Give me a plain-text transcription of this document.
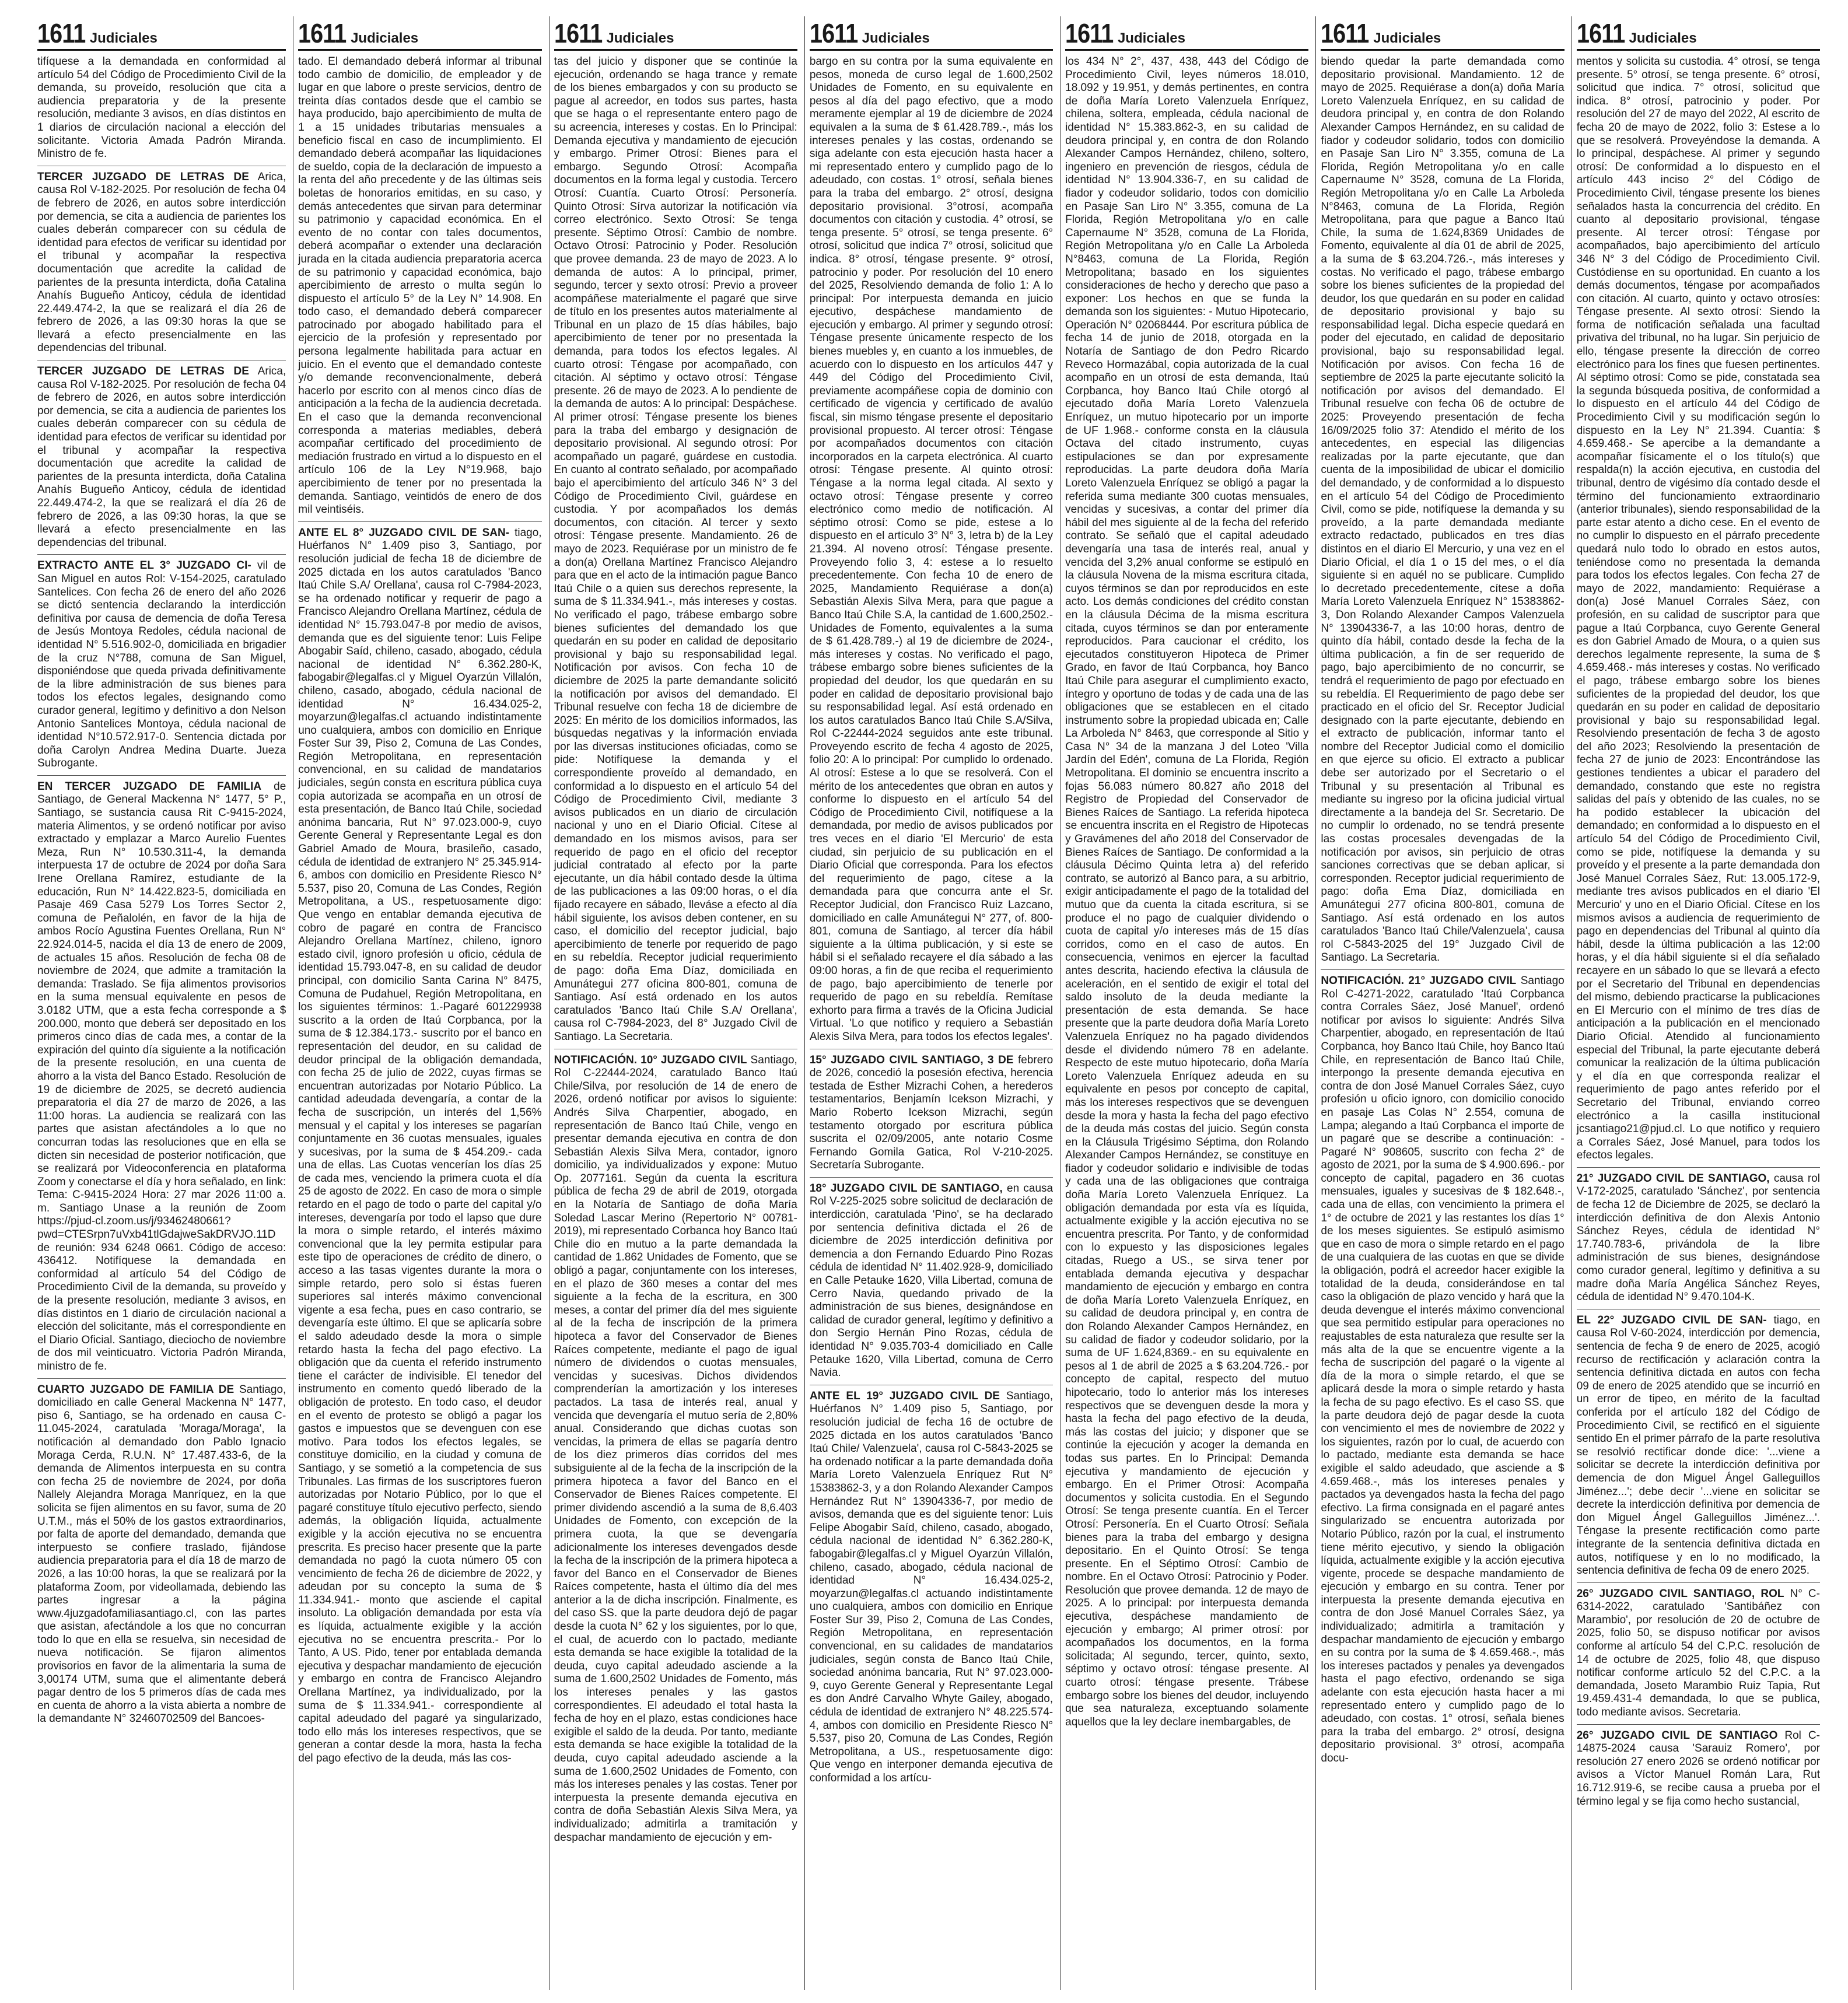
1611 Judiciales
tifíquese a la demandada en conformidad al artículo 54 del Código de Procedimiento Civil de la demanda, su proveído, resolución que cita a audiencia preparatoria y de la presente resolución, mediante 3 avisos, en días distintos en 1 diarios de circulación nacional a elección del solicitante. Victoria Amada Padrón Miranda. Ministro de fe.
TERCER JUZGADO DE LETRAS DE Arica, causa Rol V-182-2025. Por resolución de fecha 04 de febrero de 2026, en autos sobre interdicción por demencia, se cita a audiencia de parientes los cuales deberán comparecer con su cédula de identidad para efectos de verificar su identidad por el tribunal y acompañar la respectiva documentación que acredite la calidad de parientes de la presunta interdicta, doña Catalina Anahís Bugueño Anticoy, cédula de identidad 22.449.474-2, la que se realizará el día 26 de febrero de 2026, a las 09:30 horas la que se llevará a efecto presencialmente en las dependencias del tribunal.
TERCER JUZGADO DE LETRAS DE Arica, causa Rol V-182-2025. Por resolución de fecha 04 de febrero de 2026, en autos sobre interdicción por demencia, se cita a audiencia de parientes los cuales deberán comparecer con su cédula de identidad para efectos de verificar su identidad por el tribunal y acompañar la respectiva documentación que acredite la calidad de parientes de la presunta interdicta, doña Catalina Anahís Bugueño Anticoy, cédula de identidad 22.449.474-2, la que se realizará el día 26 de febrero de 2026, a las 09:30 horas, la que se llevará a efecto presencialmente en las dependencias del tribunal.
EXTRACTO ANTE EL 3° JUZGADO CI- vil de San Miguel en autos Rol: V-154-2025, caratulado Santelices. Con fecha 26 de enero del año 2026 se dictó sentencia declarando la interdicción definitiva por causa de demencia de doña Teresa de Jesús Montoya Redoles, cédula nacional de identidad N° 5.516.902-0, domiciliada en brigadier de la cruz N°788, comuna de San Miguel, disponiéndose que queda privada definitivamente de la libre administración de sus bienes para todos los efectos legales, designando como curador general, legítimo y definitivo a don Nelson Antonio Santelices Montoya, cédula nacional de identidad N°10.572.917-0. Sentencia dictada por doña Carolyn Andrea Medina Duarte. Jueza Subrogante.
EN TERCER JUZGADO DE FAMILIA de Santiago, de General Mackenna N° 1477, 5° P., Santiago, se sustancia causa Rit C-9415-2024, materia Alimentos, y se ordenó notificar por aviso extractado y emplazar a Marco Aurelio Fuentes Meza, Run N° 10.530.311-4, la demanda interpuesta 17 de octubre de 2024 por doña Sara Irene Orellana Ramírez, estudiante de la educación, Run N° 14.422.823-5, domiciliada en Pasaje 469 Casa 5279 Los Torres Sector 2, comuna de Peñalolén, en favor de la hija de ambos Rocío Agustina Fuentes Orellana, Run N° 22.924.014-5, nacida el día 13 de enero de 2009, de actuales 15 años. Resolución de fecha 08 de noviembre de 2024, que admite a tramitación la demanda: Traslado. Se fija alimentos provisorios en la suma mensual equivalente en pesos de 3.0182 UTM, que a esta fecha corresponde a $ 200.000, monto que deberá ser depositado en los primeros cinco días de cada mes, a contar de la expiración del quinto día siguiente a la notificación de la presente resolución, en una cuenta de ahorro a la vista del Banco Estado. Resolución de 19 de diciembre de 2025, se decretó audiencia preparatoria el día 27 de marzo de 2026, a las 11:00 horas. La audiencia se realizará con las partes que asistan afectándoles a lo que no concurran todas las resoluciones que en ella se dicten sin necesidad de posterior notificación, que se realizará por Videoconferencia en plataforma Zoom y conectarse el día y hora señalado, en link: Tema: C-9415-2024 Hora: 27 mar 2026 11:00 a. m. Santiago Unase a la reunión de Zoom https://pjud-cl.zoom.us/j/93462480661?pwd=CTESrpn7uVxb41tlGdajweSakDRVJO.11D de reunión: 934 6248 0661. Código de acceso: 436412. Notifíquese la demandada en conformidad al artículo 54 del Código de Procedimiento Civil de la demanda, su proveído y de la presente resolución, mediante 3 avisos, en días distintos en 1 diario de circulación nacional a elección del solicitante, más el correspondiente en el Diario Oficial. Santiago, dieciocho de noviembre de dos mil veinticuatro. Victoria Padrón Miranda, ministro de fe.
CUARTO JUZGADO DE FAMILIA DE Santiago, domiciliado en calle General Mackenna N° 1477, piso 6, Santiago, se ha ordenado en causa C-11.045-2024, caratulada 'Moraga/Moraga', la notificación al demandado don Pablo Ignacio Moraga Cerda, R.U.N. N° 17.487.433-6, de la demanda de Alimentos interpuesta en su contra con fecha 25 de noviembre de 2024, por doña Nallely Alejandra Moraga Manríquez, en la que solicita se fijen alimentos en su favor, suma de 20 U.T.M., más el 50% de los gastos extraordinarios, por falta de aporte del demandado, demanda que interpuesto se confiere traslado, fijándose audiencia preparatoria para el día 18 de marzo de 2026, a las 10:00 horas, la que se realizará por la plataforma Zoom, por videollamada, debiendo las partes ingresar a la página www.4juzgadofamiliasantiago.cl, con las partes que asistan, afectándole a los que no concurran todo lo que en ella se resuelva, sin necesidad de nueva notificación. Se fijaron alimentos provisorios en favor de la alimentaria la suma de 3,00174 UTM, suma que el alimentante deberá pagar dentro de los 5 primeros días de cada mes en cuenta de ahorro a la vista abierta a nombre de la demandante N° 32460702509 del Bancoes-
1611 Judiciales
tado. El demandado deberá informar al tribunal todo cambio de domicilio, de empleador y de lugar en que labore o preste servicios, dentro de treinta días contados desde que el cambio se haya producido, bajo apercibimiento de multa de 1 a 15 unidades tributarias mensuales a beneficio fiscal en caso de incumplimiento. El demandado deberá acompañar las liquidaciones de sueldo, copia de la declaración de impuesto a la renta del año precedente y de las últimas seis boletas de honorarios emitidas, en su caso, y demás antecedentes que sirvan para determinar su patrimonio y capacidad económica. En el evento de no contar con tales documentos, deberá acompañar o extender una declaración jurada en la citada audiencia preparatoria acerca de su patrimonio y capacidad económica, bajo apercibimiento de arresto o multa según lo dispuesto el artículo 5° de la Ley N° 14.908. En todo caso, el demandado deberá comparecer patrocinado por abogado habilitado para el ejercicio de la profesión y representado por persona legalmente habilitada para actuar en juicio. En el evento que el demandado conteste y/o demande reconvencionalmente, deberá hacerlo por escrito con al menos cinco días de anticipación a la fecha de la audiencia decretada. En el caso que la demanda reconvencional corresponda a materias mediables, deberá acompañar certificado del procedimiento de mediación frustrado en virtud a lo dispuesto en el artículo 106 de la Ley N°19.968, bajo apercibimiento de tener por no presentada la demanda. Santiago, veintidós de enero de dos mil veintiséis.
ANTE EL 8° JUZGADO CIVIL DE SAN- tiago, Huérfanos N° 1.409 piso 3, Santiago, por resolución judicial de fecha 18 de diciembre de 2025 dictada en los autos caratulados 'Banco Itaú Chile S.A/ Orellana', causa rol C-7984-2023, se ha ordenado notificar y requerir de pago a Francisco Alejandro Orellana Martínez, cédula de identidad N° 15.793.047-8 por medio de avisos, demanda que es del siguiente tenor: Luis Felipe Abogabir Saíd, chileno, casado, abogado, cédula nacional de identidad N° 6.362.280-K, fabogabir@legalfas.cl y Miguel Oyarzún Villalón, chileno, casado, abogado, cédula nacional de identidad N° 16.434.025-2, moyarzun@legalfas.cl actuando indistintamente uno cualquiera, ambos con domicilio en Enrique Foster Sur 39, Piso 2, Comuna de Las Condes, Región Metropolitana, en representación convencional, en su calidad de mandatarios judiciales, según consta en escritura pública cuya copia autorizada se acompaña en un otrosí de esta presentación, de Banco Itaú Chile, sociedad anónima bancaria, Rut N° 97.023.000-9, cuyo Gerente General y Representante Legal es don Gabriel Amado de Moura, brasileño, casado, cédula de identidad de extranjero N° 25.345.914-6, ambos con domicilio en Presidente Riesco N° 5.537, piso 20, Comuna de Las Condes, Región Metropolitana, a US., respetuosamente digo: Que vengo en entablar demanda ejecutiva de cobro de pagaré en contra de Francisco Alejandro Orellana Martínez, chileno, ignoro estado civil, ignoro profesión u oficio, cédula de identidad 15.793.047-8, en su calidad de deudor principal, con domicilio Santa Carina N° 8475, Comuna de Pudahuel, Región Metropolitana, en los siguientes términos: 1.-Pagaré 601229938 suscrito a la orden de Itaú Corpbanca, por la suma de $ 12.384.173.- suscrito por el banco en representación del deudor, en su calidad de deudor principal de la obligación demandada, con fecha 25 de julio de 2022, cuyas firmas se encuentran autorizadas por Notario Público. La cantidad adeudada devengaría, a contar de la fecha de suscripción, un interés del 1,56% mensual y el capital y los intereses se pagarían conjuntamente en 36 cuotas mensuales, iguales y sucesivas, por la suma de $ 454.209.- cada una de ellas. Las Cuotas vencerían los días 25 de cada mes, venciendo la primera cuota el día 25 de agosto de 2022. En caso de mora o simple retardo en el pago de todo o parte del capital y/o intereses, devengaría por todo el lapso que dure la mora o simple retardo, el interés máximo convencional que la ley permita estipular para este tipo de operaciones de crédito de dinero, o acceso a las tasas vigentes durante la mora o simple retardo, pero solo si éstas fueren superiores sal interés máximo convencional vigente a esa fecha, pues en caso contrario, se devengaría este último. El que se aplicaría sobre el saldo adeudado desde la mora o simple retardo hasta la fecha del pago efectivo. La obligación que da cuenta el referido instrumento tiene el carácter de indivisible. El tenedor del instrumento en comento quedó liberado de la obligación de protesto. En todo caso, el deudor en el evento de protesto se obligó a pagar los gastos e impuestos que se devenguen con ese motivo. Para todos los efectos legales, se constituye domicilio, en la ciudad y comuna de Santiago, y se sometió a la competencia de sus Tribunales. Las firmas de los suscriptores fueron autorizadas por Notario Público, por lo que el pagaré constituye título ejecutivo perfecto, siendo además, la obligación líquida, actualmente exigible y la acción ejecutiva no se encuentra prescrita. Es preciso hacer presente que la parte demandada no pagó la cuota número 05 con vencimiento de fecha 26 de diciembre de 2022, y adeudan por su concepto la suma de $ 11.334.941.- monto que asciende el capital insoluto. La obligación demandada por esta vía es líquida, actualmente exigible y la acción ejecutiva no se encuentra prescrita.- Por lo Tanto, A US. Pido, tener por entablada demanda ejecutiva y despachar mandamiento de ejecución y embargo en contra de Francisco Alejandro Orellana Martínez, ya individualizado, por la suma de $ 11.334.941.- correspondiente al capital adeudado del pagaré ya singularizado, todo ello más los intereses respectivos, que se generan a contar desde la mora, hasta la fecha del pago efectivo de la deuda, más las cos-
1611 Judiciales
tas del juicio y disponer que se continúe la ejecución, ordenando se haga trance y remate de los bienes embargados y con su producto se pague al acreedor, en todos sus partes, hasta que se haga o el representante entero pago de su acreencia, intereses y costas. En lo Principal: Demanda ejecutiva y mandamiento de ejecución y embargo. Primer Otrosí: Bienes para el embargo. Segundo Otrosí: Acompaña documentos en la forma legal y custodia. Tercero Otrosí: Cuantía. Cuarto Otrosí: Personería. Quinto Otrosí: Sírva autorizar la notificación vía correo electrónico. Sexto Otrosí: Se tenga presente. Séptimo Otrosí: Cambio de nombre. Octavo Otrosí: Patrocinio y Poder. Resolución que provee demanda. 23 de mayo de 2023. A lo demanda de autos: A lo principal, primer, segundo, tercer y sexto otrosí: Previo a proveer acompáñese materialmente el pagaré que sirve de título en los presentes autos materialmente al Tribunal en un plazo de 15 días hábiles, bajo apercibimiento de tener por no presentada la demanda, para todos los efectos legales. Al cuarto otrosí: Téngase por acompañado, con citación. Al séptimo y octavo otrosí: Téngase presente. 26 de mayo de 2023. A lo pendiente de la demanda de autos: A lo principal: Despáchese. Al primer otrosí: Téngase presente los bienes para la traba del embargo y designación de depositario provisional. Al segundo otrosí: Por acompañado un pagaré, guárdese en custodia. En cuanto al contrato señalado, por acompañado bajo el apercibimiento del artículo 346 N° 3 del Código de Procedimiento Civil, guárdese en custodia. Y por acompañados los demás documentos, con citación. Al tercer y sexto otrosí: Téngase presente. Mandamiento. 26 de mayo de 2023. Requiérase por un ministro de fe a don(a) Orellana Martínez Francisco Alejandro para que en el acto de la intimación pague Banco Itaú Chile o a quien sus derechos represente, la suma de $ 11.334.941.-, más intereses y costas. No verificado el pago, trábese embargo sobre bienes suficientes del demandado los que quedarán en su poder en calidad de depositario provisional y bajo su responsabilidad legal. Notificación por avisos. Con fecha 10 de diciembre de 2025 la parte demandante solicitó la notificación por avisos del demandado. El Tribunal resuelve con fecha 18 de diciembre de 2025: En mérito de los domicilios informados, las búsquedas negativas y la información enviada por las diversas instituciones oficiadas, como se pide: Notifíquese la demanda y el correspondiente proveído al demandado, en conformidad a lo dispuesto en el artículo 54 del Código de Procedimiento Civil, mediante 3 avisos publicados en un diario de circulación nacional y uno en el Diario Oficial. Cítese al demandado en los mismos avisos, para ser requerido de pago en el oficio del receptor judicial contratado al efecto por la parte ejecutante, un día hábil contado desde la última de las publicaciones a las 09:00 horas, o el día fijado recayere en sábado, lleváse a efecto al día hábil siguiente, los avisos deben contener, en su caso, el domicilio del receptor judicial, bajo apercibimiento de tenerle por requerido de pago en su rebeldía. Receptor judicial requerimiento de pago: doña Ema Díaz, domiciliada en Amunátegui 277 oficina 800-801, comuna de Santiago. Así está ordenado en los autos caratulados 'Banco Itaú Chile S.A/ Orellana', causa rol C-7984-2023, del 8° Juzgado Civil de Santiago. La Secretaria.
NOTIFICACIÓN. 10° JUZGADO CIVIL Santiago, Rol C-22444-2024, caratulado Banco Itaú Chile/Silva, por resolución de 14 de enero de 2026, ordenó notificar por avisos lo siguiente: Andrés Silva Charpentier, abogado, en representación de Banco Itaú Chile, vengo en presentar demanda ejecutiva en contra de don Sebastián Alexis Silva Mera, contador, ignoro domicilio, ya individualizados y expone: Mutuo Op. 2077161. Según da cuenta la escritura pública de fecha 29 de abril de 2019, otorgada en la Notaría de Santiago de doña María Soledad Lascar Merino (Repertorio N° 00781-2019), mi representado Corbanca hoy Banco Itaú Chile dio en mutuo a la parte demandada la cantidad de 1.862 Unidades de Fomento, que se obligó a pagar, conjuntamente con los intereses, en el plazo de 360 meses a contar del mes siguiente a la fecha de la escritura, en 300 meses, a contar del primer día del mes siguiente al de la fecha de inscripción de la primera hipoteca a favor del Conservador de Bienes Raíces competente, mediante el pago de igual número de dividendos o cuotas mensuales, vencidas y sucesivas. Dichos dividendos comprenderían la amortización y los intereses pactados. La tasa de interés real, anual y vencida que devengaría el mutuo sería de 2,80% anual. Considerando que dichas cuotas son vencidas, la primera de ellas se pagaría dentro de los diez primeros días corridos del mes subsiguiente al de la fecha de la inscripción de la primera hipoteca a favor del Banco en el Conservador de Bienes Raíces competente. El primer dividendo ascendió a la suma de 8,6.403 Unidades de Fomento, con excepción de la primera cuota, la que se devengaría adicionalmente los intereses devengados desde la fecha de la inscripción de la primera hipoteca a favor del Banco en el Conservador de Bienes Raíces competente, hasta el último día del mes anterior a la de dicha inscripción. Finalmente, es del caso SS. que la parte deudora dejó de pagar desde la cuota N° 62 y los siguientes, por lo que, el cual, de acuerdo con lo pactado, mediante esta demanda se hace exigible la totalidad de la deuda, cuyo capital adeudado asciende a la suma de 1.600,2502 Unidades de Fomento, más los intereses penales y las gastos correspondientes. El adeudado el total hasta la fecha de hoy en el plazo, estas condiciones hace exigible el saldo de la deuda. Por tanto, mediante esta demanda se hace exigible la totalidad de la deuda, cuyo capital adeudado asciende a la suma de 1.600,2502 Unidades de Fomento, con más los intereses penales y las costas. Tener por interpuesta la presente demanda ejecutiva en contra de doña Sebastián Alexis Silva Mera, ya individualizado; admitirla a tramitación y despachar mandamiento de ejecución y em-
1611 Judiciales
bargo en su contra por la suma equivalente en pesos, moneda de curso legal de 1.600,2502 Unidades de Fomento, en su equivalente en pesos al día del pago efectivo, que a modo meramente ejemplar al 19 de diciembre de 2024 equivalen a la suma de $ 61.428.789.-, más los intereses penales y las costas, ordenando se siga adelante con esta ejecución hasta hacer a mi representado entero y cumplido pago de lo adeudado, con costas. 1° otrosí, señala bienes para la traba del embargo. 2° otrosí, designa depositario provisional. 3°otrosí, acompaña documentos con citación y custodia. 4° otrosí, se tenga presente. 5° otrosí, se tenga presente. 6° otrosí, solicitud que indica 7° otrosí, solicitud que indica. 8° otrosí, téngase presente. 9° otrosí, patrocinio y poder. Por resolución del 10 enero del 2025, Resolviendo demanda de folio 1: A lo principal: Por interpuesta demanda en juicio ejecutivo, despáchese mandamiento de ejecución y embargo. Al primer y segundo otrosí: Téngase presente únicamente respecto de los bienes muebles y, en cuanto a los inmuebles, de acuerdo con lo dispuesto en los artículos 447 y 449 del Código del Procedimiento Civil, previamente acompáñese copia de dominio con certificado de vigencia y certificado de avalúo fiscal, sin mismo téngase presente el depositario provisional propuesto. Al tercer otrosí: Téngase por acompañados documentos con citación incorporados en la carpeta electrónica. Al cuarto otrosí: Téngase presente. Al quinto otrosí: Téngase a la norma legal citada. Al sexto y octavo otrosí: Téngase presente y correo electrónico como medio de notificación. Al séptimo otrosí: Como se pide, estese a lo dispuesto en el artículo 3° N° 3, letra b) de la Ley 21.394. Al noveno otrosí: Téngase presente. Proveyendo folio 3, 4: estese a lo resuelto precedentemente. Con fecha 10 de enero de 2025, Mandamiento Requiérase a don(a) Sebastián Alexis Silva Mera, para que pague a Banco Itaú Chile S.A, la cantidad de 1.600,2502.- Unidades de Fomento, equivalentes a la suma de $ 61.428.789.-) al 19 de diciembre de 2024-, más intereses y costas. No verificado el pago, trábese embargo sobre bienes suficientes de la propiedad del deudor, los que quedarán en su poder en calidad de depositario provisional bajo su responsabilidad legal. Así está ordenado en los autos caratulados Banco Itaú Chile S.A/Silva, Rol C-22444-2024 seguidos ante este tribunal. Proveyendo escrito de fecha 4 agosto de 2025, folio 20: A lo principal: Por cumplido lo ordenado. Al otrosí: Estese a lo que se resolverá. Con el mérito de los antecedentes que obran en autos y conforme lo dispuesto en el artículo 54 del Código de Procedimiento Civil, notifíquese a la demandada, por medio de avisos publicados por tres veces en el diario 'El Mercurio' de esta ciudad, sin perjuicio de su publicación en el Diario Oficial que corresponda. Para los efectos del requerimiento de pago, cítese a la demandada para que concurra ante el Sr. Receptor Judicial, don Francisco Ruiz Lazcano, domiciliado en calle Amunátegui N° 277, of. 800-801, comuna de Santiago, al tercer día hábil siguiente a la última publicación, y si este se hábil si el señalado recayere el día sábado a las 09:00 horas, a fin de que reciba el requerimiento de pago, bajo apercibimiento de tenerle por requerido de pago en su rebeldía. Remítase exhorto para firma a través de la Oficina Judicial Virtual. 'Lo que notifico y requiero a Sebastián Alexis Silva Mera, para todos los efectos legales'.
15° JUZGADO CIVIL SANTIAGO, 3 DE febrero de 2026, concedió la posesión efectiva, herencia testada de Esther Mizrachi Cohen, a herederos testamentarios, Benjamín Icekson Mizrachi, y Mario Roberto Icekson Mizrachi, según testamento otorgado por escritura pública suscrita el 02/09/2005, ante notario Cosme Fernando Gomila Gatica, Rol V-210-2025. Secretaría Subrogante.
18° JUZGADO CIVIL DE SANTIAGO, en causa Rol V-225-2025 sobre solicitud de declaración de interdicción, caratulada 'Pino', se ha declarado por sentencia definitiva dictada el 26 de diciembre de 2025 interdicción definitiva por demencia a don Fernando Eduardo Pino Rozas cédula de identidad N° 11.402.928-9, domiciliado en Calle Petauke 1620, Villa Libertad, comuna de Cerro Navia, quedando privado de la administración de sus bienes, designándose en calidad de curador general, legítimo y definitivo a don Sergio Hernán Pino Rozas, cédula de identidad N° 9.035.703-4 domiciliado en Calle Petauke 1620, Villa Libertad, comuna de Cerro Navia.
ANTE EL 19° JUZGADO CIVIL DE Santiago, Huérfanos N° 1.409 piso 5, Santiago, por resolución judicial de fecha 16 de octubre de 2025 dictada en los autos caratulados 'Banco Itaú Chile/ Valenzuela', causa rol C-5843-2025 se ha ordenado notificar a la parte demandada doña María Loreto Valenzuela Enríquez Rut N° 15383862-3, y a don Rolando Alexander Campos Hernández Rut N° 13904336-7, por medio de avisos, demanda que es del siguiente tenor: Luis Felipe Abogabir Saíd, chileno, casado, abogado, cédula nacional de identidad N° 6.362.280-K, fabogabir@legalfas.cl y Miguel Oyarzún Villalón, chileno, casado, abogado, cédula nacional de identidad N° 16.434.025-2, moyarzun@legalfas.cl actuando indistintamente uno cualquiera, ambos con domicilio en Enrique Foster Sur 39, Piso 2, Comuna de Las Condes, Región Metropolitana, en representación convencional, en su calidades de mandatarios judiciales, según consta de Banco Itaú Chile, sociedad anónima bancaria, Rut N° 97.023.000-9, cuyo Gerente General y Representante Legal es don André Carvalho Whyte Gailey, abogado, cédula de identidad de extranjero N° 48.225.574-4, ambos con domicilio en Presidente Riesco N° 5.537, piso 20, Comuna de Las Condes, Región Metropolitana, a US., respetuosamente digo: Que vengo en interponer demanda ejecutiva de conformidad a los artícu-
1611 Judiciales
los 434 N° 2°, 437, 438, 443 del Código de Procedimiento Civil, leyes números 18.010, 18.092 y 19.951, y demás pertinentes, en contra de doña María Loreto Valenzuela Enríquez, chilena, soltera, empleada, cédula nacional de identidad N° 15.383.862-3, en su calidad de deudora principal y, en contra de don Rolando Alexander Campos Hernández, chileno, soltero, ingeniero en prevención de riesgos, cédula de identidad N° 13.904.336-7, en su calidad de fiador y codeudor solidario, todos con domicilio en Pasaje San Liro N° 3.355, comuna de La Florida, Región Metropolitana y/o en calle Capernaume N° 3528, comuna de La Florida, Región Metropolitana y/o en Calle La Arboleda N°8463, comuna de La Florida, Región Metropolitana; basado en los siguientes consideraciones de hecho y derecho que paso a exponer: Los hechos en que se funda la demanda son los siguientes: - Mutuo Hipotecario, Operación N° 02068444. Por escritura pública de fecha 14 de junio de 2018, otorgada en la Notaría de Santiago de don Pedro Ricardo Reveco Hormazábal, copia autorizada de la cual acompaño en un otrosí de esta demanda, Itaú Corpbanca, hoy Banco Itaú Chile otorgó al ejecutado doña María Loreto Valenzuela Enríquez, un mutuo hipotecario por un importe de UF 1.968.- conforme consta en la cláusula Octava del citado instrumento, cuyas estipulaciones se dan por expresamente reproducidas. La parte deudora doña María Loreto Valenzuela Enríquez se obligó a pagar la referida suma mediante 300 cuotas mensuales, vencidas y sucesivas, a contar del primer día hábil del mes siguiente al de la fecha del referido contrato. Se señaló que el capital adeudado devengaría una tasa de interés real, anual y vencida del 3,2% anual conforme se estipuló en la cláusula Novena de la misma escritura citada, cuyos términos se dan por reproducidos en este acto. Los demás condiciones del crédito constan en la cláusula Décima de la misma escritura citada, cuyos términos se dan por enteramente reproducidos. Para caucionar el crédito, los ejecutados constituyeron Hipoteca de Primer Grado, en favor de Itaú Corpbanca, hoy Banco Itaú Chile para asegurar el cumplimiento exacto, íntegro y oportuno de todas y de cada una de las obligaciones que se establecen en el citado instrumento sobre la propiedad ubicada en; Calle La Arboleda N° 8463, que corresponde al Sitio y Casa N° 34 de la manzana J del Loteo 'Villa Jardín del Edén', comuna de La Florida, Región Metropolitana. El dominio se encuentra inscrito a fojas 56.083 número 80.827 año 2018 del Registro de Propiedad del Conservador de Bienes Raíces de Santiago. La referida hipoteca se encuentra inscrita en el Registro de Hipotecas y Gravámenes del año 2018 del Conservador de Bienes Raíces de Santiago. De conformidad a la cláusula Décimo Quinta letra a) del referido contrato, se autorizó al Banco para, a su arbitrio, exigir anticipadamente el pago de la totalidad del mutuo que da cuenta la citada escritura, si se produce el no pago de cualquier dividendo o cuota de capital y/o intereses más de 15 días corridos, como en el caso de autos. En consecuencia, venimos en ejercer la facultad antes descrita, haciendo efectiva la cláusula de aceleración, en el sentido de exigir el total del saldo insoluto de la deuda mediante la presentación de esta demanda. Se hace presente que la parte deudora doña María Loreto Valenzuela Enríquez no ha pagado dividendos desde el dividendo número 78 en adelante. Respecto de este mutuo hipotecario, doña María Loreto Valenzuela Enríquez adeuda en su equivalente en pesos por concepto de capital, más los intereses respectivos que se devenguen desde la mora y hasta la fecha del pago efectivo de la deuda más costas del juicio. Según consta en la Cláusula Trigésimo Séptima, don Rolando Alexander Campos Hernández, se constituye en fiador y codeudor solidario e indivisible de todas y cada una de las obligaciones que contraiga doña María Loreto Valenzuela Enríquez. La obligación demandada por esta vía es líquida, actualmente exigible y la acción ejecutiva no se encuentra prescrita. Por Tanto, y de conformidad con lo expuesto y las disposiciones legales citadas, Ruego a US., se sirva tener por entablada demanda ejecutiva y despachar mandamiento de ejecución y embargo en contra de doña María Loreto Valenzuela Enríquez, en su calidad de deudora principal y, en contra de don Rolando Alexander Campos Hernández, en su calidad de fiador y codeudor solidario, por la suma de UF 1.624,8369.- en su equivalente en pesos al 1 de abril de 2025 a $ 63.204.726.- por concepto de capital, respecto del mutuo hipotecario, todo lo anterior más los intereses respectivos que se devenguen desde la mora y hasta la fecha del pago efectivo de la deuda, más las costas del juicio; y disponer que se continúe la ejecución y acoger la demanda en todas sus partes. En lo Principal: Demanda ejecutiva y mandamiento de ejecución y embargo. En el Primer Otrosí: Acompaña documentos y solicita custodia. En el Segundo Otrosí: Se tenga presente cuantía. En el Tercer Otrosí: Personería. En el Cuarto Otrosí: Señala bienes para la traba del embargo y designa depositario. En el Quinto Otrosí: Se tenga presente. En el Séptimo Otrosí: Cambio de nombre. En el Octavo Otrosí: Patrocinio y Poder. Resolución que provee demanda. 12 de mayo de 2025. A lo principal: por interpuesta demanda ejecutiva, despáchese mandamiento de ejecución y embargo; Al primer otrosí: por acompañados los documentos, en la forma solicitada; Al segundo, tercer, quinto, sexto, séptimo y octavo otrosí: téngase presente. Al cuarto otrosí: téngase presente. Trábese embargo sobre los bienes del deudor, incluyendo que sea naturaleza, exceptuando solamente aquellos que la ley declare inembargables, de
1611 Judiciales
biendo quedar la parte demandada como depositario provisional. Mandamiento. 12 de mayo de 2025. Requiérase a don(a) doña María Loreto Valenzuela Enríquez, en su calidad de deudora principal y, en contra de don Rolando Alexander Campos Hernández, en su calidad de fiador y codeudor solidario, todos con domicilio en Pasaje San Liro N° 3.355, comuna de La Florida, Región Metropolitana y/o en calle Capernaume N° 3528, comuna de La Florida, Región Metropolitana y/o en Calle La Arboleda N°8463, comuna de La Florida, Región Metropolitana, para que pague a Banco Itaú Chile, la suma de 1.624,8369 Unidades de Fomento, equivalente al día 01 de abril de 2025, a la suma de $ 63.204.726.-, más intereses y costas. No verificado el pago, trábese embargo sobre los bienes suficientes de la propiedad del deudor, los que quedarán en su poder en calidad de depositario provisional y bajo su responsabilidad legal. Dicha especie quedará en poder del ejecutado, en calidad de depositario provisional, bajo su responsabilidad legal. Notificación por avisos. Con fecha 16 de septiembre de 2025 la parte ejecutante solicitó la notificación por avisos del demandado. El Tribunal resuelve con fecha 06 de octubre de 2025: Proveyendo presentación de fecha 16/09/2025 folio 37: Atendido el mérito de los antecedentes, en especial las diligencias realizadas por la parte ejecutante, que dan cuenta de la imposibilidad de ubicar el domicilio del demandado, y de conformidad a lo dispuesto en el artículo 54 del Código de Procedimiento Civil, como se pide, notifíquese la demanda y su proveído, a la parte demandada mediante extracto redactado, publicados en tres días distintos en el diario El Mercurio, y una vez en el Diario Oficial, el día 1 o 15 del mes, o el día siguiente si en aquél no se publicare. Cumplido lo decretado precedentemente, cítese a doña María Loreto Valenzuela Enríquez N° 15383862-3, Don Rolando Alexander Campos Valenzuela N° 13904336-7, a las 10:00 horas, dentro de quinto día hábil, contado desde la fecha de la última publicación, a fin de ser requerido de pago, bajo apercibimiento de no concurrir, se tendrá el requerimiento de pago por efectuado en su rebeldía. El Requerimiento de pago debe ser practicado en el oficio del Sr. Receptor Judicial designado con la parte ejecutante, debiendo en el extracto de publicación, informar tanto el nombre del Receptor Judicial como el domicilio en que ejerce su oficio. El extracto a publicar debe ser autorizado por el Secretario o el Tribunal y su presentación al Tribunal es mediante su ingreso por la oficina judicial virtual directamente a la bandeja del Sr. Secretario. De no cumplir lo ordenado, no se tendrá presente las costas procesales devengadas de la notificación por avisos, sin perjuicio de otras sanciones correctivas que se deban aplicar, si corresponden. Receptor judicial requerimiento de pago: doña Ema Díaz, domiciliada en Amunátegui 277 oficina 800-801, comuna de Santiago. Así está ordenado en los autos caratulados 'Banco Itaú Chile/Valenzuela', causa rol C-5843-2025 del 19° Juzgado Civil de Santiago. La Secretaria.
NOTIFICACIÓN. 21° JUZGADO CIVIL Santiago Rol C-4271-2022, caratulado 'Itaú Corpbanca contra Corrales Sáez, José Manuel', ordenó notificar por avisos lo siguiente: Andrés Silva Charpentier, abogado, en representación de Itaú Corpbanca, hoy Banco Itaú Chile, hoy Banco Itaú Chile, en representación de Banco Itaú Chile, interpongo la presente demanda ejecutiva en contra de don José Manuel Corrales Sáez, cuyo profesión u oficio ignoro, con domicilio conocido en pasaje Las Colas N° 2.554, comuna de Lampa; alegando a Itaú Corpbanca el importe de un pagaré que se describe a continuación: - Pagaré N° 908605, suscrito con fecha 2° de agosto de 2021, por la suma de $ 4.900.696.- por concepto de capital, pagadero en 36 cuotas mensuales, iguales y sucesivas de $ 182.648.-, cada una de ellas, con vencimiento la primera el 1° de octubre de 2021 y las restantes los días 1° de los meses siguientes. Se estipuló asimismo que en caso de mora o simple retardo en el pago de una cualquiera de las cuotas en que se divide la obligación, podrá el acreedor hacer exigible la totalidad de la deuda, considerándose en tal caso la obligación de plazo vencido y hará que la deuda devengue el interés máximo convencional que sea permitido estipular para operaciones no reajustables de esta naturaleza que resulte ser la más alta de la que se encuentre vigente a la fecha de suscripción del pagaré o la vigente al día de la mora o simple retardo, el que se aplicará desde la mora o simple retardo y hasta la fecha de su pago efectivo. Es el caso SS. que la parte deudora dejó de pagar desde la cuota con vencimiento el mes de noviembre de 2022 y los siguientes, razón por lo cual, de acuerdo con lo pactado, mediante esta demanda se hace exigible el saldo adeudado, que asciende a $ 4.659.468.-, más los intereses penales y pactados ya devengados hasta la fecha del pago efectivo. La firma consignada en el pagaré antes singularizado se encuentra autorizada por Notario Público, razón por la cual, el instrumento tiene mérito ejecutivo, y siendo la obligación líquida, actualmente exigible y la acción ejecutiva vigente, procede se despache mandamiento de ejecución y embargo en su contra. Tener por interpuesta la presente demanda ejecutiva en contra de don José Manuel Corrales Sáez, ya individualizado; admitirla a tramitación y despachar mandamiento de ejecución y embargo en su contra por la suma de $ 4.659.468.-, más los intereses pactados y penales ya devengados hasta el pago efectivo, ordenando se siga adelante con esta ejecución hasta hacer a mi representado entero y cumplido pago de lo adeudado, con costas. 1° otrosí, señala bienes para la traba del embargo. 2° otrosí, designa depositario provisional. 3° otrosí, acompaña docu-
1611 Judiciales
mentos y solicita su custodia. 4° otrosí, se tenga presente. 5° otrosí, se tenga presente. 6° otrosí, solicitud que indica. 7° otrosí, solicitud que indica. 8° otrosí, patrocinio y poder. Por resolución del 27 de mayo del 2022, Al escrito de fecha 20 de mayo de 2022, folio 3: Estese a lo que se resolverá. Proveyéndose la demanda. A lo principal, despáchese. Al primer y segundo otrosí: De conformidad a lo dispuesto en el artículo 443 inciso 2° del Código de Procedimiento Civil, téngase presente los bienes señalados hasta la concurrencia del crédito. En cuanto al depositario provisional, téngase presente. Al tercer otrosí: Téngase por acompañados, bajo apercibimiento del artículo 346 N° 3 del Código de Procedimiento Civil. Custódiense en su oportunidad. En cuanto a los demás documentos, téngase por acompañados con citación. Al cuarto, quinto y octavo otrosíes: Téngase presente. Al sexto otrosí: Siendo la forma de notificación señalada una facultad privativa del tribunal, no ha lugar. Sin perjuicio de ello, téngase presente la dirección de correo electrónico para los fines que fuesen pertinentes. Al séptimo otrosí: Como se pide, constatada sea la segunda búsqueda positiva, de conformidad a lo dispuesto en el artículo 44 del Código de Procedimiento Civil y su modificación según lo dispuesto en la Ley N° 21.394. Cuantía: $ 4.659.468.- Se apercibe a la demandante a acompañar físicamente el o los título(s) que respalda(n) la acción ejecutiva, en custodia del tribunal, dentro de vigésimo día contado desde el término del funcionamiento extraordinario (anterior tribunales), siendo responsabilidad de la parte estar atento a dicho cese. En el evento de no cumplir lo dispuesto en el párrafo precedente quedará nulo todo lo obrado en estos autos, teniéndose como no presentada la demanda para todos los efectos legales. Con fecha 27 de mayo de 2022, mandamiento: Requiérase a don(a) José Manuel Corrales Sáez, con profesión, en su calidad de suscriptor para que pague a Itaú Corpbanca, cuyo Gerente General es don Gabriel Amado de Moura, o a quien sus derechos legalmente represente, la suma de $ 4.659.468.- más intereses y costas. No verificado el pago, trábese embargo sobre los bienes suficientes de la propiedad del deudor, los que quedarán en su poder en calidad de depositario provisional y bajo su responsabilidad legal. Resolviendo presentación de fecha 3 de agosto del año 2023; Resolviendo la presentación de fecha 27 de junio de 2023: Encontrándose las gestiones tendientes a ubicar el paradero del demandado, constando que este no registra salidas del país y obtenido de las cuales, no se ha podido establecer la ubicación del demandado; en conformidad a lo dispuesto en el artículo 54 del Código de Procedimiento Civil, como se pide, notifíquese la demanda y su proveído y el presente a la parte demandada don José Manuel Corrales Sáez, Rut: 13.005.172-9, mediante tres avisos publicados en el diario 'El Mercurio' y uno en el Diario Oficial. Cítese en los mismos avisos a audiencia de requerimiento de pago en dependencias del Tribunal al quinto día hábil, desde la última publicación a las 12:00 horas, y el día hábil siguiente si el día señalado recayere en un sábado lo que se llevará a efecto por el Secretario del Tribunal en dependencias del mismo, debiendo practicarse la publicaciones en El Mercurio con el mínimo de tres días de anticipación a la publicación en el mencionado Diario Oficial. Atendido al funcionamiento especial del Tribunal, la parte ejecutante deberá comunicar la realización de la última publicación y el día en que corresponda realizar el requerimiento de pago antes referido por el Secretario del Tribunal, enviando correo electrónico a la casilla institucional jcsantiago21@pjud.cl. Lo que notifico y requiero a Corrales Sáez, José Manuel, para todos los efectos legales.
21° JUZGADO CIVIL DE SANTIAGO, causa rol V-172-2025, caratulado 'Sánchez', por sentencia de fecha 12 de Diciembre de 2025, se declaró la interdicción definitiva de don Alexis Antonio Sánchez Reyes, cédula de identidad N° 17.740.783-6, privándola de la libre administración de sus bienes, designándose como curador general, legítimo y definitiva a su madre doña María Angélica Sánchez Reyes, cédula de identidad N° 9.470.104-K.
EL 22° JUZGADO CIVIL DE SAN- tiago, en causa Rol V-60-2024, interdicción por demencia, sentencia de fecha 9 de enero de 2025, acogió recurso de rectificación y aclaración contra la sentencia definitiva dictada en autos con fecha 09 de enero de 2025 atendido que se incurrió en un error de tipeo, en mérito de la facultad conferida por el artículo 182 del Código de Procedimiento Civil, se rectificó en el siguiente sentido En el primer párrafo de la parte resolutiva se resolvió rectificar donde dice: '...viene a solicitar se decrete la interdicción definitiva por demencia de don Miguel Ángel Galleguillos Jiménez...'; debe decir '...viene en solicitar se decrete la interdicción definitiva por demencia de don Miguel Ángel Galleguillos Jiménez...'. Téngase la presente rectificación como parte integrante de la sentencia definitiva dictada en autos, notifíquese y en lo no modificado, la sentencia definitiva de fecha 09 de enero 2025.
26° JUZGADO CIVIL SANTIAGO, ROL N° C-6314-2022, caratulado 'Santibáñez con Marambio', por resolución de 20 de octubre de 2025, folio 50, se dispuso notificar por avisos conforme al artículo 54 del C.P.C. resolución de 14 de octubre de 2025, folio 48, que dispuso notificar conforme artículo 52 del C.P.C. a la demandada, Joseto Marambio Ruiz Tapia, Rut 19.459.431-4 demandada, lo que se publica, todo mediante avisos. Secretaria.
26° JUZGADO CIVIL DE SANTIAGO Rol C-14875-2024 causa 'Sarauiz Romero', por resolución 27 enero 2026 se ordenó notificar por avisos a Víctor Manuel Román Lara, Rut 16.712.919-6, se recibe causa a prueba por el término legal y se fija como hecho sustancial,
